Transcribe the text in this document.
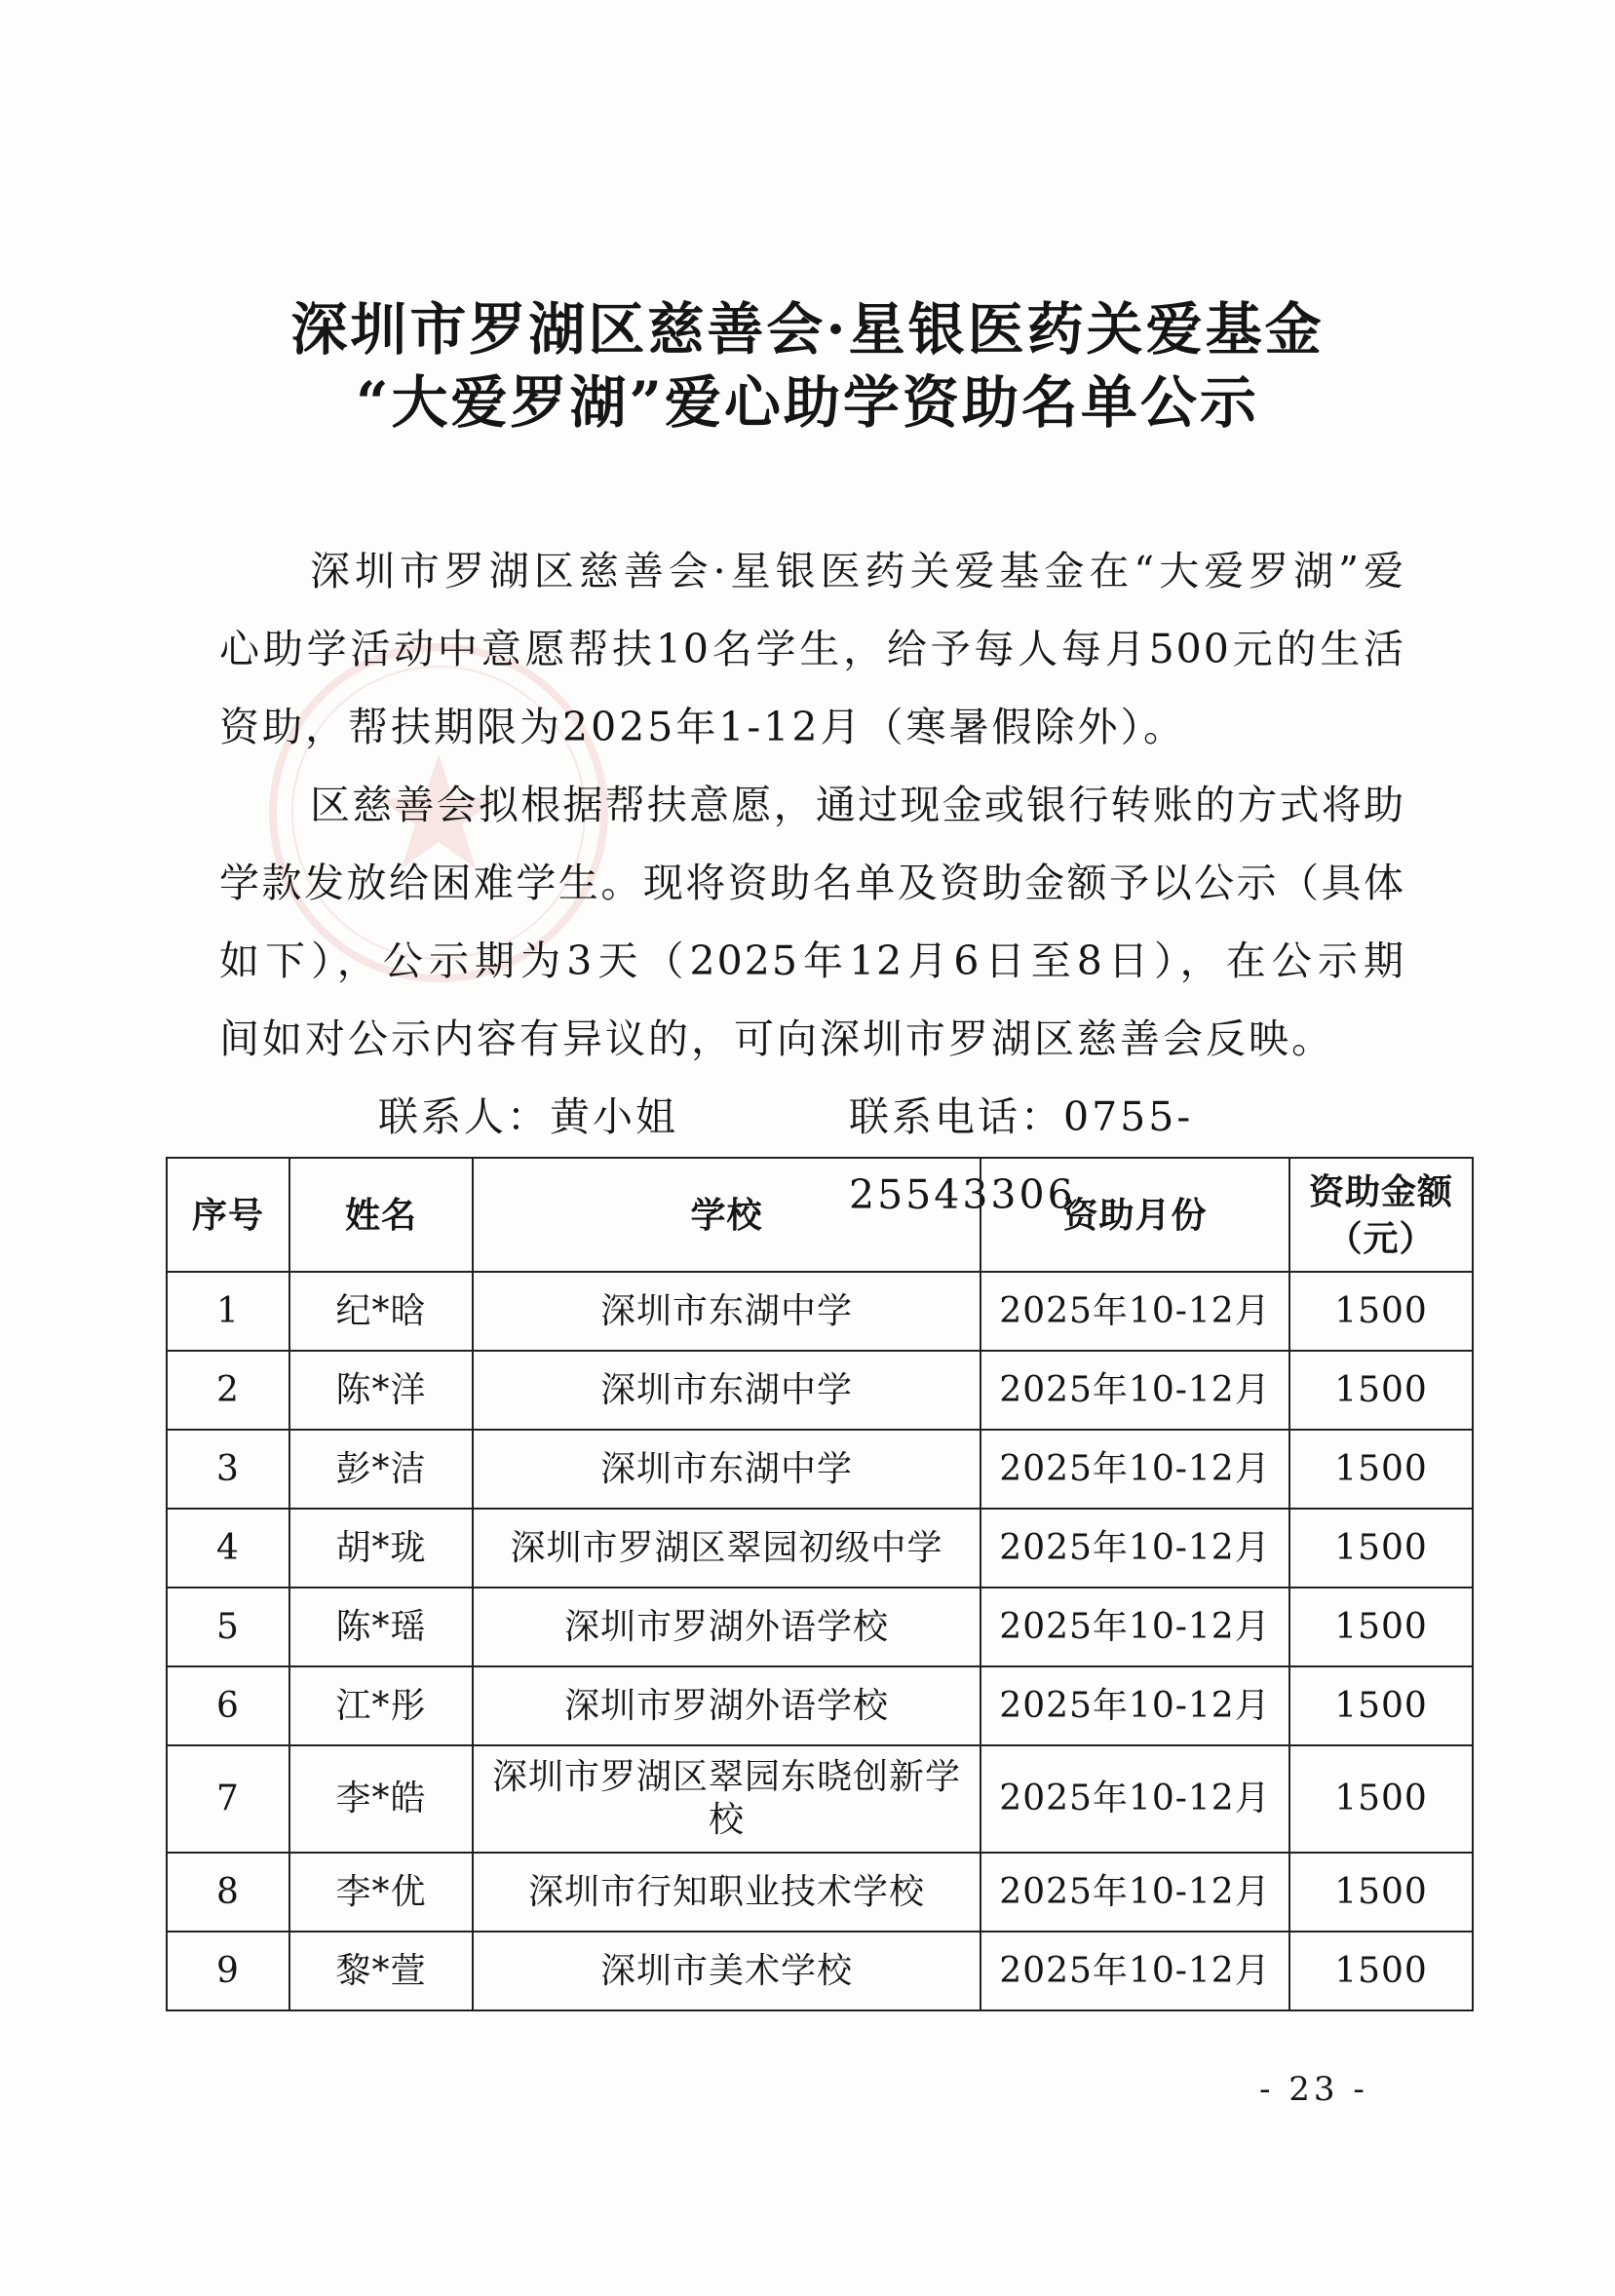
深圳市罗湖区慈善会·星银医药关爱基金
“大爱罗湖”爱心助学资助名单公示
深圳市罗湖区慈善会·星银医药关爱基金在“大爱罗湖”爱
心助学活动中意愿帮扶10名学生，给予每人每月500元的生活
资助，帮扶期限为2025年1-12月（寒暑假除外）。
区慈善会拟根据帮扶意愿，通过现金或银行转账的方式将助
学款发放给困难学生。现将资助名单及资助金额予以公示（具体
如下），公示期为3天（2025年12月6日至8日），在公示期
间如对公示内容有异议的，可向深圳市罗湖区慈善会反映。
联系人：黄小姐	联系电话：0755-25543306
序号	姓名	学校	资助月份	资助金额（元）
1	纪*晗	深圳市东湖中学	2025年10-12月	1500
2	陈*洋	深圳市东湖中学	2025年10-12月	1500
3	彭*洁	深圳市东湖中学	2025年10-12月	1500
4	胡*珑	深圳市罗湖区翠园初级中学	2025年10-12月	1500
5	陈*瑶	深圳市罗湖外语学校	2025年10-12月	1500
6	江*彤	深圳市罗湖外语学校	2025年10-12月	1500
7	李*皓	深圳市罗湖区翠园东晓创新学校	2025年10-12月	1500
8	李*优	深圳市行知职业技术学校	2025年10-12月	1500
9	黎*萱	深圳市美术学校	2025年10-12月	1500
- 23 -
